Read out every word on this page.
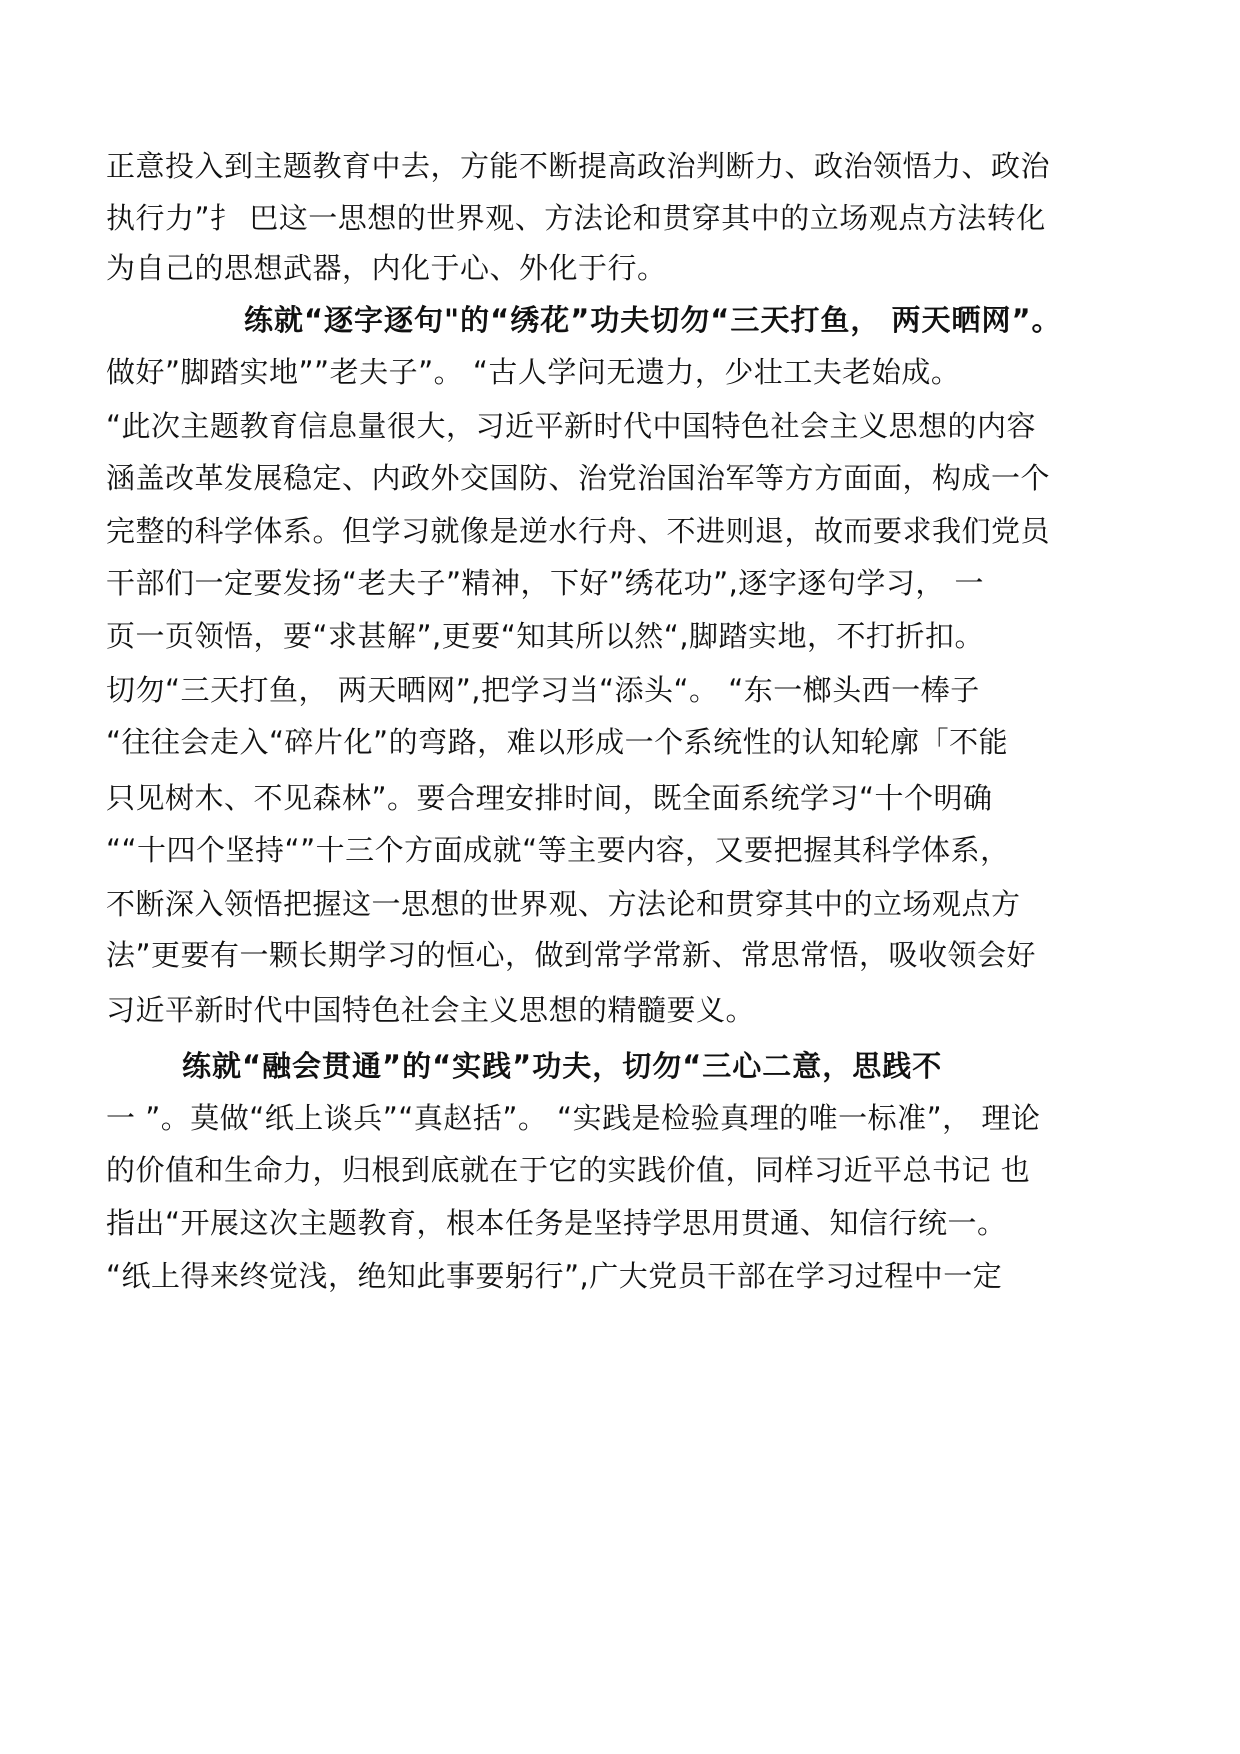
正意投入到主题教育中去，方能不断提高政治判断力、政治领悟力、政治
执行力”扌 巴这一思想的世界观、方法论和贯穿其中的立场观点方法转化
为自己的思想武器，内化于心、外化于行。
练就“逐字逐句"的“绣花”功夫切勿“三天打鱼， 两天晒网”。
做好”脚踏实地””老夫子”。 “古人学问无遗力，少壮工夫老始成。
“此次主题教育信息量很大，习近平新时代中国特色社会主义思想的内容
涵盖改革发展稳定、内政外交国防、治党治国治军等方方面面，构成一个
完整的科学体系。但学习就像是逆水行舟、不进则退，故而要求我们党员
干部们一定要发扬“老夫子”精神，下好”绣花功”,逐字逐句学习， 一
页一页领悟，要“求甚解”,更要“知其所以然“,脚踏实地，不打折扣。
切勿“三天打鱼， 两天晒网”,把学习当“添头“。 “东一榔头西一棒子
“往往会走入“碎片化”的弯路，难以形成一个系统性的认知轮廓「不能
只见树木、不见森林”。要合理安排时间，既全面系统学习“十个明确
““十四个坚持“”十三个方面成就“等主要内容，又要把握其科学体系，
不断深入领悟把握这一思想的世界观、方法论和贯穿其中的立场观点方
法”更要有一颗长期学习的恒心，做到常学常新、常思常悟，吸收领会好
习近平新时代中国特色社会主义思想的精髓要义。
练就“融会贯通”的“实践”功夫，切勿“三心二意，思践不
一 ”。莫做“纸上谈兵”“真赵括”。 “实践是检验真理的唯一标准”， 理论
的价值和生命力，归根到底就在于它的实践价值，同样习近平总书记 也
指出“开展这次主题教育，根本任务是坚持学思用贯通、知信行统一。
“纸上得来终觉浅，绝知此事要躬行”,广大党员干部在学习过程中一定
